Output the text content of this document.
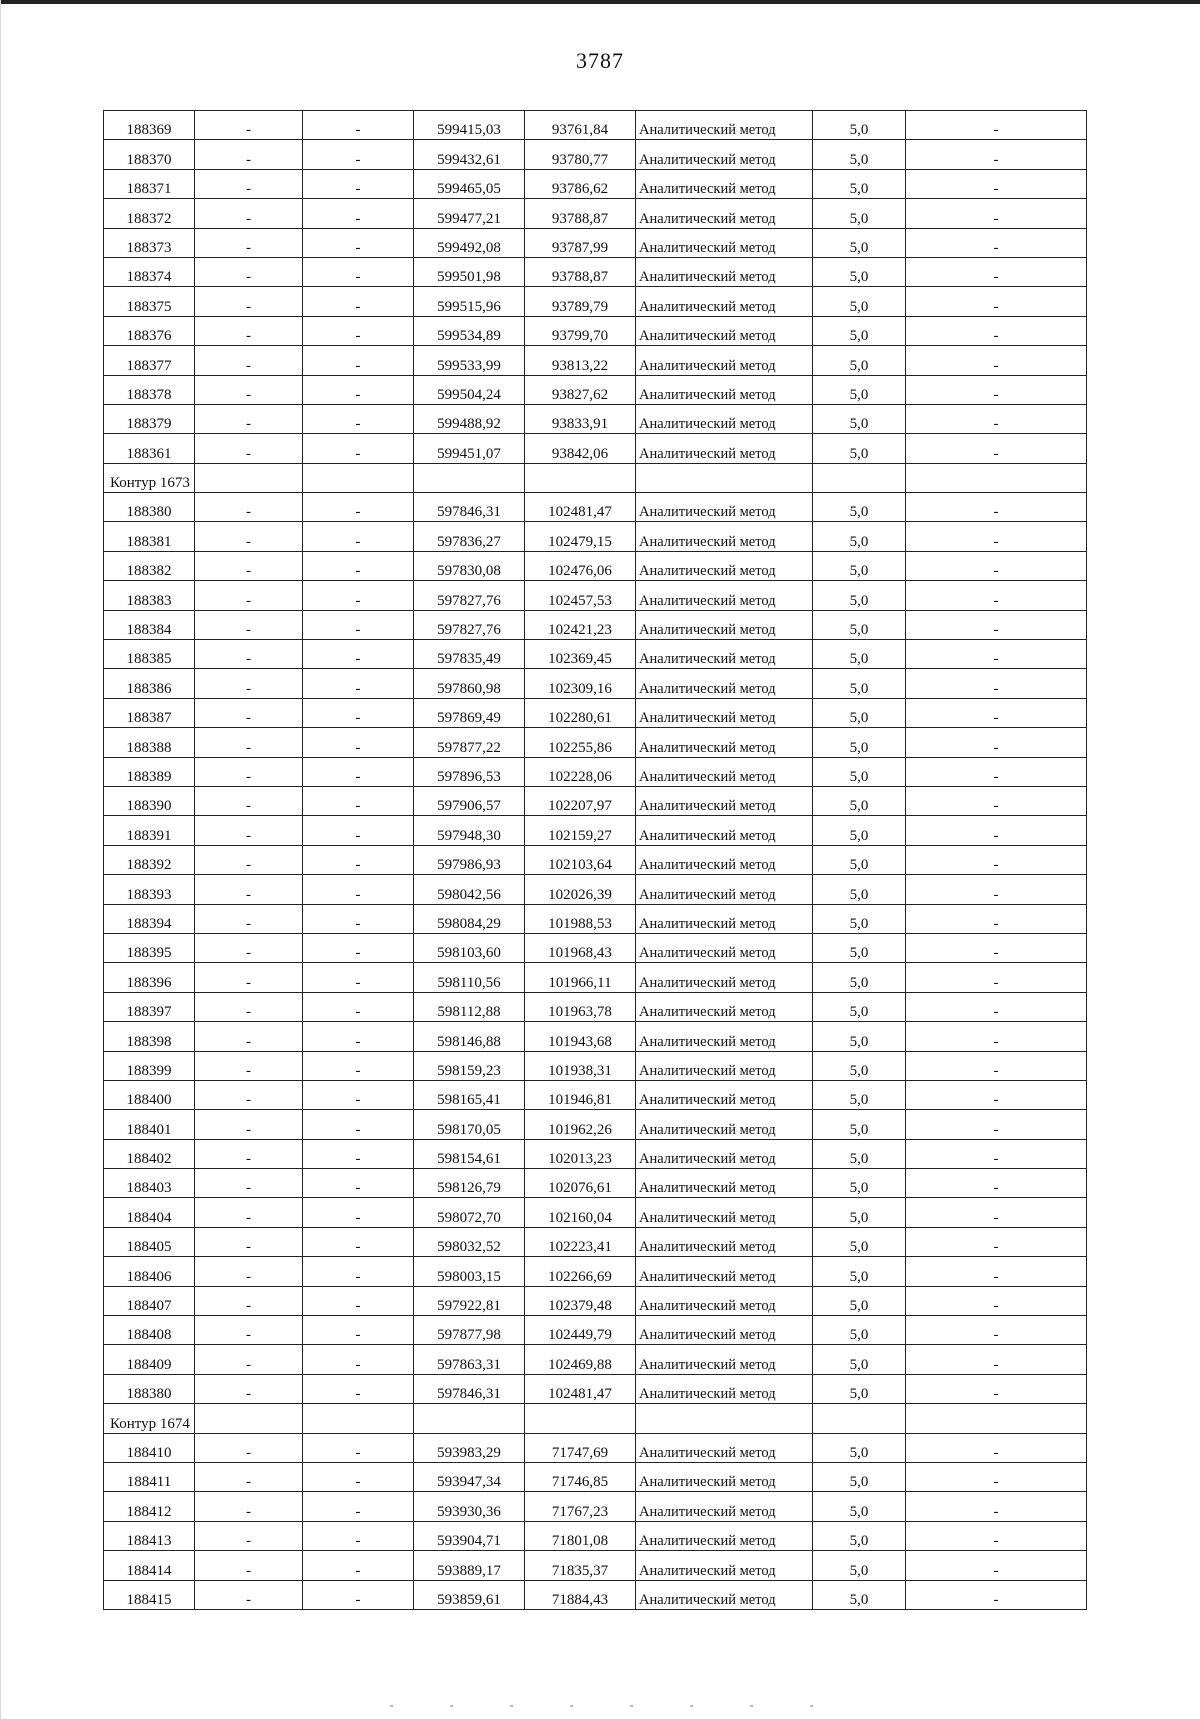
3787
188369	-	-	599415,03	93761,84	Аналитический метод	5,0	-
188370	-	-	599432,61	93780,77	Аналитический метод	5,0	-
188371	-	-	599465,05	93786,62	Аналитический метод	5,0	-
188372	-	-	599477,21	93788,87	Аналитический метод	5,0	-
188373	-	-	599492,08	93787,99	Аналитический метод	5,0	-
188374	-	-	599501,98	93788,87	Аналитический метод	5,0	-
188375	-	-	599515,96	93789,79	Аналитический метод	5,0	-
188376	-	-	599534,89	93799,70	Аналитический метод	5,0	-
188377	-	-	599533,99	93813,22	Аналитический метод	5,0	-
188378	-	-	599504,24	93827,62	Аналитический метод	5,0	-
188379	-	-	599488,92	93833,91	Аналитический метод	5,0	-
188361	-	-	599451,07	93842,06	Аналитический метод	5,0	-
Контур 1673							
188380	-	-	597846,31	102481,47	Аналитический метод	5,0	-
188381	-	-	597836,27	102479,15	Аналитический метод	5,0	-
188382	-	-	597830,08	102476,06	Аналитический метод	5,0	-
188383	-	-	597827,76	102457,53	Аналитический метод	5,0	-
188384	-	-	597827,76	102421,23	Аналитический метод	5,0	-
188385	-	-	597835,49	102369,45	Аналитический метод	5,0	-
188386	-	-	597860,98	102309,16	Аналитический метод	5,0	-
188387	-	-	597869,49	102280,61	Аналитический метод	5,0	-
188388	-	-	597877,22	102255,86	Аналитический метод	5,0	-
188389	-	-	597896,53	102228,06	Аналитический метод	5,0	-
188390	-	-	597906,57	102207,97	Аналитический метод	5,0	-
188391	-	-	597948,30	102159,27	Аналитический метод	5,0	-
188392	-	-	597986,93	102103,64	Аналитический метод	5,0	-
188393	-	-	598042,56	102026,39	Аналитический метод	5,0	-
188394	-	-	598084,29	101988,53	Аналитический метод	5,0	-
188395	-	-	598103,60	101968,43	Аналитический метод	5,0	-
188396	-	-	598110,56	101966,11	Аналитический метод	5,0	-
188397	-	-	598112,88	101963,78	Аналитический метод	5,0	-
188398	-	-	598146,88	101943,68	Аналитический метод	5,0	-
188399	-	-	598159,23	101938,31	Аналитический метод	5,0	-
188400	-	-	598165,41	101946,81	Аналитический метод	5,0	-
188401	-	-	598170,05	101962,26	Аналитический метод	5,0	-
188402	-	-	598154,61	102013,23	Аналитический метод	5,0	-
188403	-	-	598126,79	102076,61	Аналитический метод	5,0	-
188404	-	-	598072,70	102160,04	Аналитический метод	5,0	-
188405	-	-	598032,52	102223,41	Аналитический метод	5,0	-
188406	-	-	598003,15	102266,69	Аналитический метод	5,0	-
188407	-	-	597922,81	102379,48	Аналитический метод	5,0	-
188408	-	-	597877,98	102449,79	Аналитический метод	5,0	-
188409	-	-	597863,31	102469,88	Аналитический метод	5,0	-
188380	-	-	597846,31	102481,47	Аналитический метод	5,0	-
Контур 1674							
188410	-	-	593983,29	71747,69	Аналитический метод	5,0	-
188411	-	-	593947,34	71746,85	Аналитический метод	5,0	-
188412	-	-	593930,36	71767,23	Аналитический метод	5,0	-
188413	-	-	593904,71	71801,08	Аналитический метод	5,0	-
188414	-	-	593889,17	71835,37	Аналитический метод	5,0	-
188415	-	-	593859,61	71884,43	Аналитический метод	5,0	-
